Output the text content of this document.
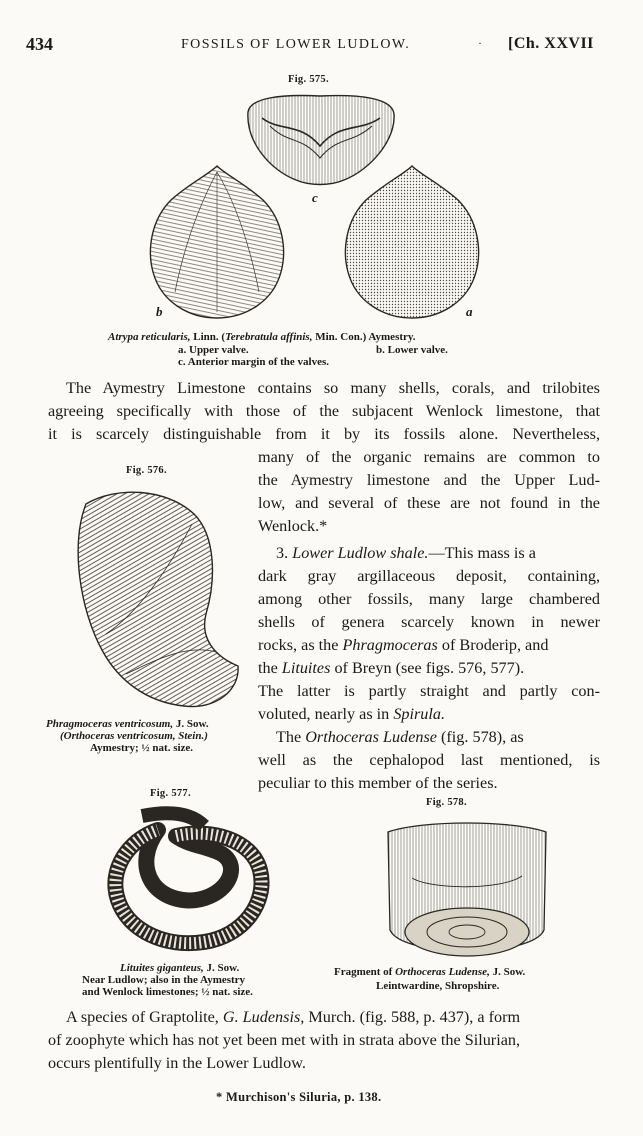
434	FOSSILS OF LOWER LUDLOW.	· [Ch. XXVII
Fig. 575.
c
b	a
Atrypa reticularis, Linn. (Terebratula affinis, Min. Con.) Aymestry.
a. Upper valve.	b. Lower valve.
c. Anterior margin of the valves.
The Aymestry Limestone contains so many shells, corals, and trilobites
agreeing specifically with those of the subjacent Wenlock limestone, that
it is scarcely distinguishable from it by its fossils alone. Nevertheless,
many of the organic remains are common to
the Aymestry limestone and the Upper Lud-
low, and several of these are not found in the
Wenlock.*
Fig. 576.
Phragmoceras ventricosum, J. Sow.
(Orthoceras ventricosum, Stein.)
Aymestry; ½ nat. size.
3. Lower Ludlow shale.—This mass is a
dark gray argillaceous deposit, containing,
among other fossils, many large chambered
shells of genera scarcely known in newer
rocks, as the Phragmoceras of Broderip, and
the Lituites of Breyn (see figs. 576, 577).
The latter is partly straight and partly con-
voluted, nearly as in Spirula.
The Orthoceras Ludense (fig. 578), as
well as the cephalopod last mentioned, is
peculiar to this member of the series.
Fig. 577.
Lituites giganteus, J. Sow.
Near Ludlow; also in the Aymestry
and Wenlock limestones; ½ nat. size.
Fig. 578.
Fragment of Orthoceras Ludense, J. Sow.
Leintwardine, Shropshire.
A species of Graptolite, G. Ludensis, Murch. (fig. 588, p. 437), a form
of zoophyte which has not yet been met with in strata above the Silurian,
occurs plentifully in the Lower Ludlow.
* Murchison's Siluria, p. 138.
